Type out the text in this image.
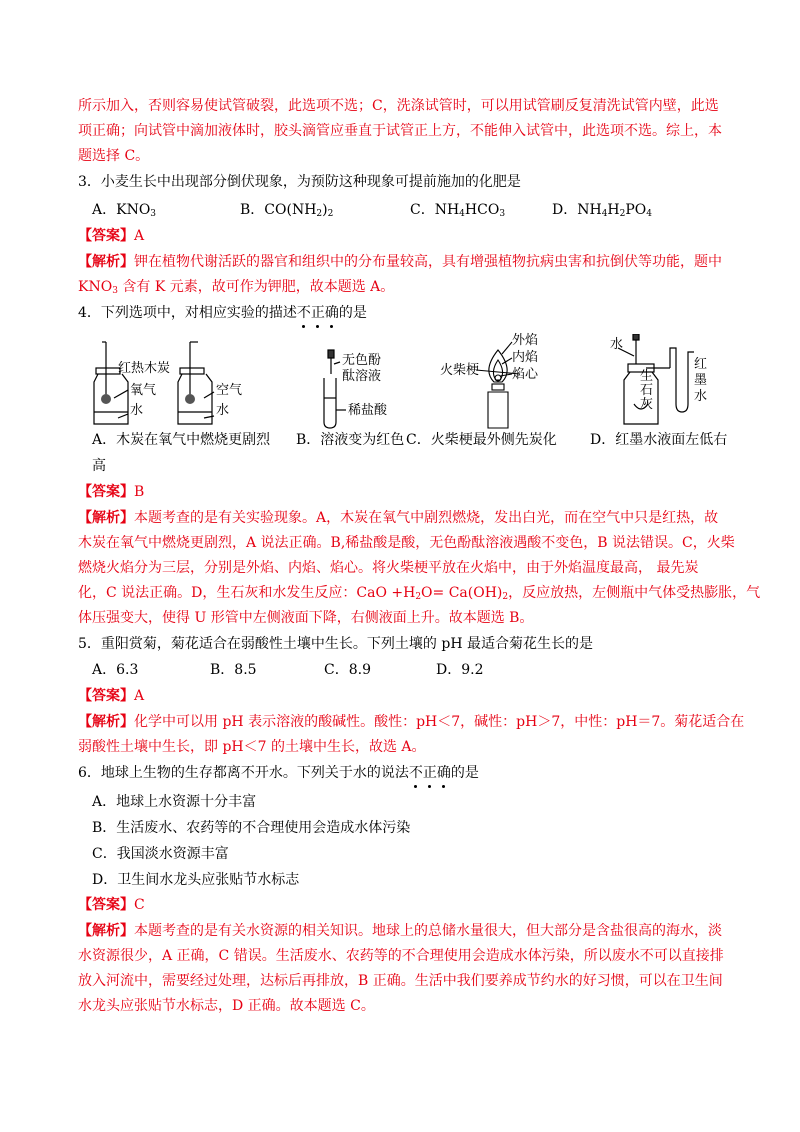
所示加入，否则容易使试管破裂，此选项不选；C，洗涤试管时，可以用试管刷反复清洗试管内壁，此选
项正确；向试管中滴加液体时，胶头滴管应垂直于试管正上方，不能伸入试管中，此选项不选。综上，本
题选择 C。
3．小麦生长中出现部分倒伏现象，为预防这种现象可提前施加的化肥是
A．$KNO_3$	B．$CO(NH_2)_2$	C．$NH_4HCO_3$	D．$NH_4H_2PO_4$
【答案】A
【解析】钾在植物代谢活跃的器官和组织中的分布量较高，具有增强植物抗病虫害和抗倒伏等功能，题中
$KNO_3$ 含有 K 元素，故可作为钾肥，故本题选 A。
4．下列选项中，对相应实验的描述不正确的是
红热木炭
氧气
水
空气
水
无色酚
酞溶液
稀盐酸
火柴梗
外焰
内焰
焰心
水
生
石
灰
红
墨
水
A．木炭在氧气中燃烧更剧烈 B．溶液变为红色 C．火柴梗最外侧先炭化 D．红墨水液面左低右
高
【答案】B
【解析】本题考查的是有关实验现象。A，木炭在氧气中剧烈燃烧，发出白光，而在空气中只是红热，故
木炭在氧气中燃烧更剧烈，A 说法正确。B,稀盐酸是酸，无色酚酞溶液遇酸不变色，B 说法错误。C，火柴
燃烧火焰分为三层，分别是外焰、内焰、焰心。将火柴梗平放在火焰中，由于外焰温度最高， 最先炭
化，C 说法正确。D，生石灰和水发生反应：CaO $+H_2O= Ca(OH)_2$，反应放热，左侧瓶中气体受热膨胀，气
体压强变大，使得 U 形管中左侧液面下降，右侧液面上升。故本题选 B。
5．重阳赏菊，菊花适合在弱酸性土壤中生长。下列土壤的 pH 最适合菊花生长的是
A．6.3	B．8.5	C．8.9	D．9.2
【答案】A
【解析】化学中可以用 pH 表示溶液的酸碱性。酸性：pH＜7，碱性：pH＞7，中性：pH＝7。菊花适合在
弱酸性土壤中生长，即 pH＜7 的土壤中生长，故选 A。
6．地球上生物的生存都离不开水。下列关于水的说法不正确的是
A．地球上水资源十分丰富
B．生活废水、农药等的不合理使用会造成水体污染
C．我国淡水资源丰富
D．卫生间水龙头应张贴节水标志
【答案】C
【解析】本题考查的是有关水资源的相关知识。地球上的总储水量很大，但大部分是含盐很高的海水，淡
水资源很少，A 正确，C 错误。生活废水、农药等的不合理使用会造成水体污染，所以废水不可以直接排
放入河流中，需要经过处理，达标后再排放，B 正确。生活中我们要养成节约水的好习惯，可以在卫生间
水龙头应张贴节水标志，D 正确。故本题选 C。
